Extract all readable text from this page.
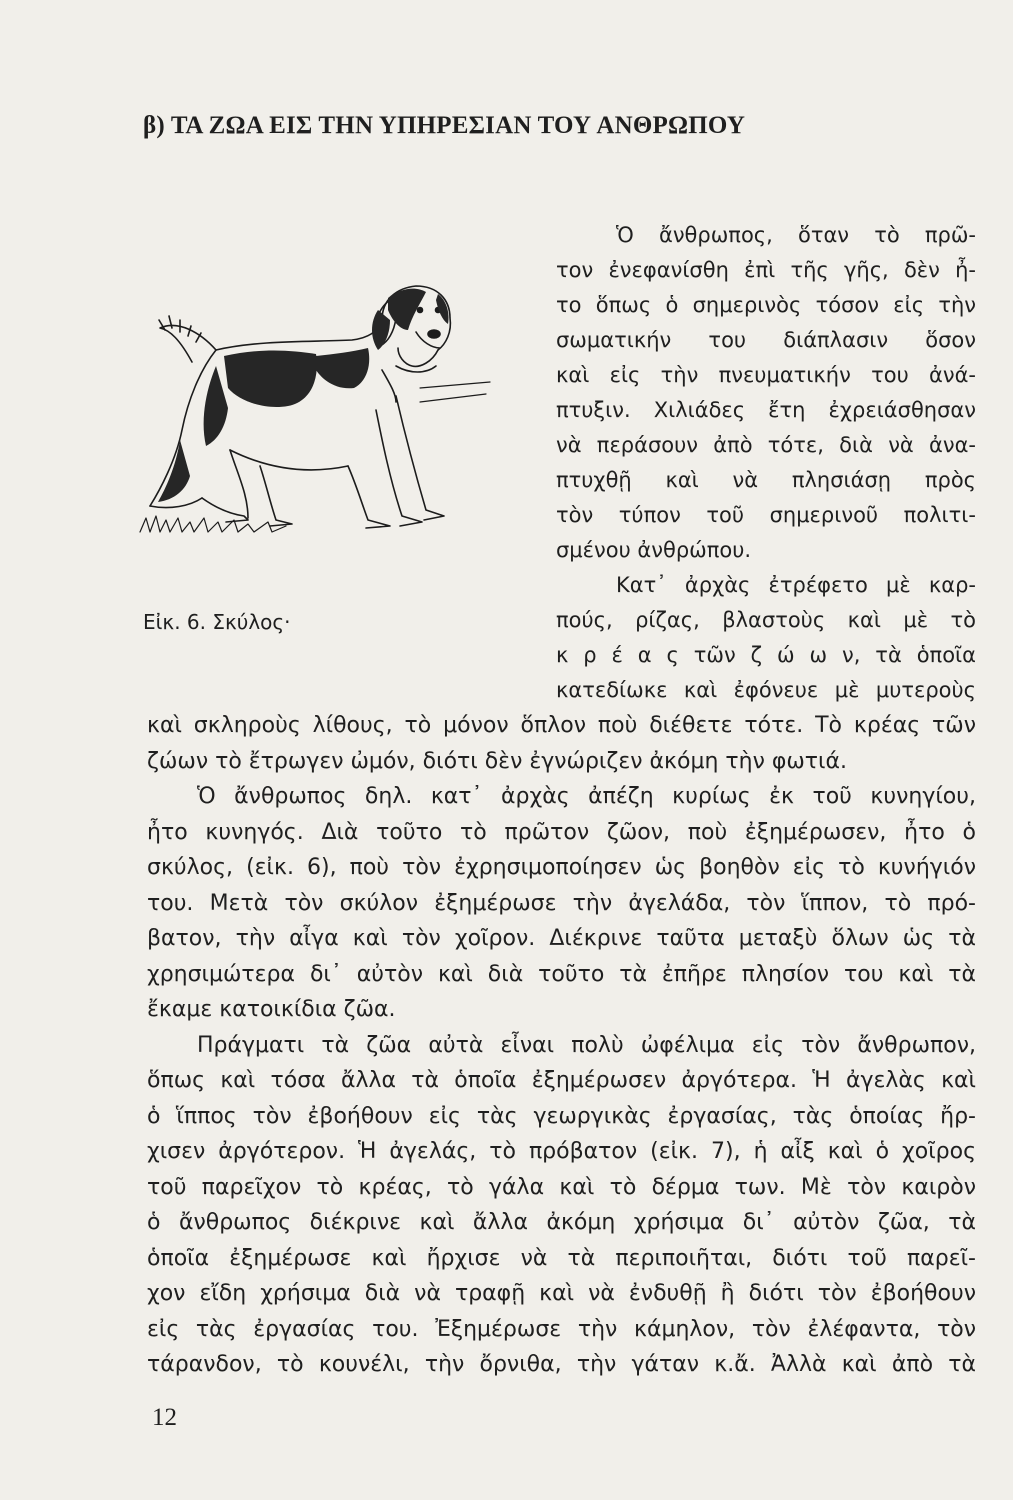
β) ΤΑ ΖΩΑ ΕΙΣ ΤΗΝ ΥΠΗΡΕΣΙΑΝ ΤΟΥ ΑΝΘΡΩΠΟΥ
Εἰκ. 6. Σκύλος·
Ὁ ἄνθρωπος, ὅταν τὸ πρῶ-
τον ἐνεφανίσθη ἐπὶ τῆς γῆς, δὲν ἦ-
το ὅπως ὁ σημερινὸς τόσον εἰς τὴν
σωματικήν του διάπλασιν ὅσον
καὶ εἰς τὴν πνευματικήν του ἀνά-
πτυξιν. Χιλιάδες ἔτη ἐχρειάσθησαν
νὰ περάσουν ἀπὸ τότε, διὰ νὰ ἀνα-
πτυχθῇ καὶ νὰ πλησιάσῃ πρὸς
τὸν τύπον τοῦ σημερινοῦ πολιτι-
σμένου ἀνθρώπου.
Κατ᾿ ἀρχὰς ἐτρέφετο μὲ καρ-
πούς, ρίζας, βλαστοὺς καὶ μὲ τὸ
κ ρ έ α ς τῶν ζ ώ ω ν, τὰ ὁποῖα
κατεδίωκε καὶ ἐφόνευε μὲ μυτεροὺς
καὶ σκληροὺς λίθους, τὸ μόνον ὅπλον ποὺ διέθετε τότε. Τὸ κρέας τῶν
ζώων τὸ ἔτρωγεν ὠμόν, διότι δὲν ἐγνώριζεν ἀκόμη τὴν φωτιά.
Ὁ ἄνθρωπος δηλ. κατ᾿ ἀρχὰς ἀπέζη κυρίως ἐκ τοῦ κυνηγίου,
ἦτο κυνηγός. Διὰ τοῦτο τὸ πρῶτον ζῶον, ποὺ ἐξημέρωσεν, ἦτο ὁ
σκύλος, (εἰκ. 6), ποὺ τὸν ἐχρησιμοποίησεν ὡς βοηθὸν εἰς τὸ κυνήγιόν
του. Μετὰ τὸν σκύλον ἐξημέρωσε τὴν ἀγελάδα, τὸν ἵππον, τὸ πρό-
βατον, τὴν αἶγα καὶ τὸν χοῖρον. Διέκρινε ταῦτα μεταξὺ ὅλων ὡς τὰ
χρησιμώτερα δι᾿ αὐτὸν καὶ διὰ τοῦτο τὰ ἐπῆρε πλησίον του καὶ τὰ
ἔκαμε κατοικίδια ζῶα.
Πράγματι τὰ ζῶα αὐτὰ εἶναι πολὺ ὠφέλιμα εἰς τὸν ἄνθρωπον,
ὅπως καὶ τόσα ἄλλα τὰ ὁποῖα ἐξημέρωσεν ἀργότερα. Ἡ ἀγελὰς καὶ
ὁ ἵππος τὸν ἐβοήθουν εἰς τὰς γεωργικὰς ἐργασίας, τὰς ὁποίας ἤρ-
χισεν ἀργότερον. Ἡ ἀγελάς, τὸ πρόβατον (εἰκ. 7), ἡ αἶξ καὶ ὁ χοῖρος
τοῦ παρεῖχον τὸ κρέας, τὸ γάλα καὶ τὸ δέρμα των. Μὲ τὸν καιρὸν
ὁ ἄνθρωπος διέκρινε καὶ ἄλλα ἀκόμη χρήσιμα δι᾿ αὐτὸν ζῶα, τὰ
ὁποῖα ἐξημέρωσε καὶ ἤρχισε νὰ τὰ περιποιῆται, διότι τοῦ παρεῖ-
χον εἴδη χρήσιμα διὰ νὰ τραφῇ καὶ νὰ ἐνδυθῇ ἢ διότι τὸν ἐβοήθουν
εἰς τὰς ἐργασίας του. Ἐξημέρωσε τὴν κάμηλον, τὸν ἐλέφαντα, τὸν
τάρανδον, τὸ κουνέλι, τὴν ὄρνιθα, τὴν γάταν κ.ἄ. Ἀλλὰ καὶ ἀπὸ τὰ
12
